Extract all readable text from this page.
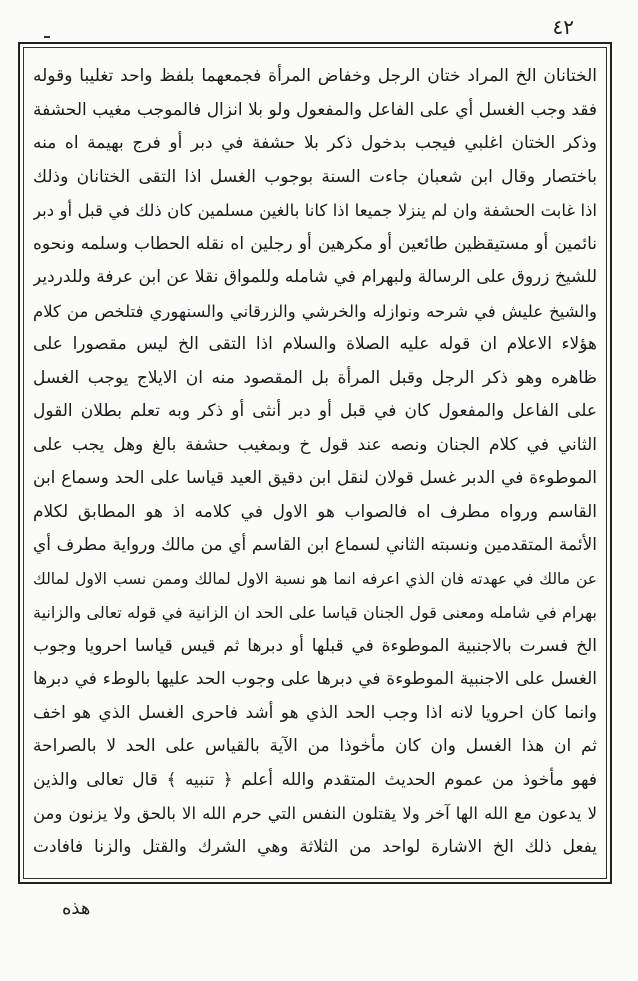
٤٢
الختانان الخ المراد ختان الرجل وخفاض المرأة فجمعهما بلفظ واحد تغليبا وقوله
فقد وجب الغسل أي على الفاعل والمفعول ولو بلا انزال فالموجب مغيب الحشفة
وذكر الختان اغلبي فيجب بدخول ذكر بلا حشفة في دبر أو فرج بهيمة اه منه
باختصار وقال ابن شعبان جاءت السنة بوجوب الغسل اذا التقى الختانان وذلك
اذا غابت الحشفة وان لم ينزلا جميعا اذا كانا بالغين مسلمين كان ذلك في قبل أو دبر
نائمين أو مستيقظين طائعين أو مكرهين أو رجلين اه نقله الحطاب وسلمه ونحوه
للشيخ زروق على الرسالة ولبهرام في شامله وللمواق نقلا عن ابن عرفة وللدردير
والشيخ عليش في شرحه ونوازله والخرشي والزرقاني والسنهوري فتلخص من كلام
هؤلاء الاعلام ان قوله عليه الصلاة والسلام اذا التقى الخ ليس مقصورا على
ظاهره وهو ذكر الرجل وقبل المرأة بل المقصود منه ان الايلاج يوجب الغسل
على الفاعل والمفعول كان في قبل أو دبر أنثى أو ذكر وبه تعلم بطلان القول
الثاني في كلام الجنان ونصه عند قول خ وبمغيب حشفة بالغ وهل يجب على
الموطوءة في الدبر غسل قولان لنقل ابن دقيق العيد قياسا على الحد وسماع ابن
القاسم ورواه مطرف اه فالصواب هو الاول في كلامه اذ هو المطابق لكلام
الأئمة المتقدمين ونسبته الثاني لسماع ابن القاسم أي من مالك ورواية مطرف أي
عن مالك في عهدته فان الذي اعرفه انما هو نسبة الاول لمالك وممن نسب الاول لمالك
بهرام في شامله ومعنى قول الجنان قياسا على الحد ان الزانية في قوله تعالى والزانية
الخ فسرت بالاجنبية الموطوءة في قبلها أو دبرها ثم قيس قياسا احرويا وجوب
الغسل على الاجنبية الموطوءة في دبرها على وجوب الحد عليها بالوطء في دبرها
وانما كان احرويا لانه اذا وجب الحد الذي هو أشد فاحرى الغسل الذي هو اخف
ثم ان هذا الغسل وان كان مأخوذا من الآية بالقياس على الحد لا بالصراحة
فهو مأخوذ من عموم الحديث المتقدم والله أعلم ﴿ تنبيه ﴾ قال تعالى والذين
لا يدعون مع الله الها آخر ولا يقتلون النفس التي حرم الله الا بالحق ولا يزنون ومن
يفعل ذلك الخ الاشارة لواحد من الثلاثة وهي الشرك والقتل والزنا فافادت
هذه
